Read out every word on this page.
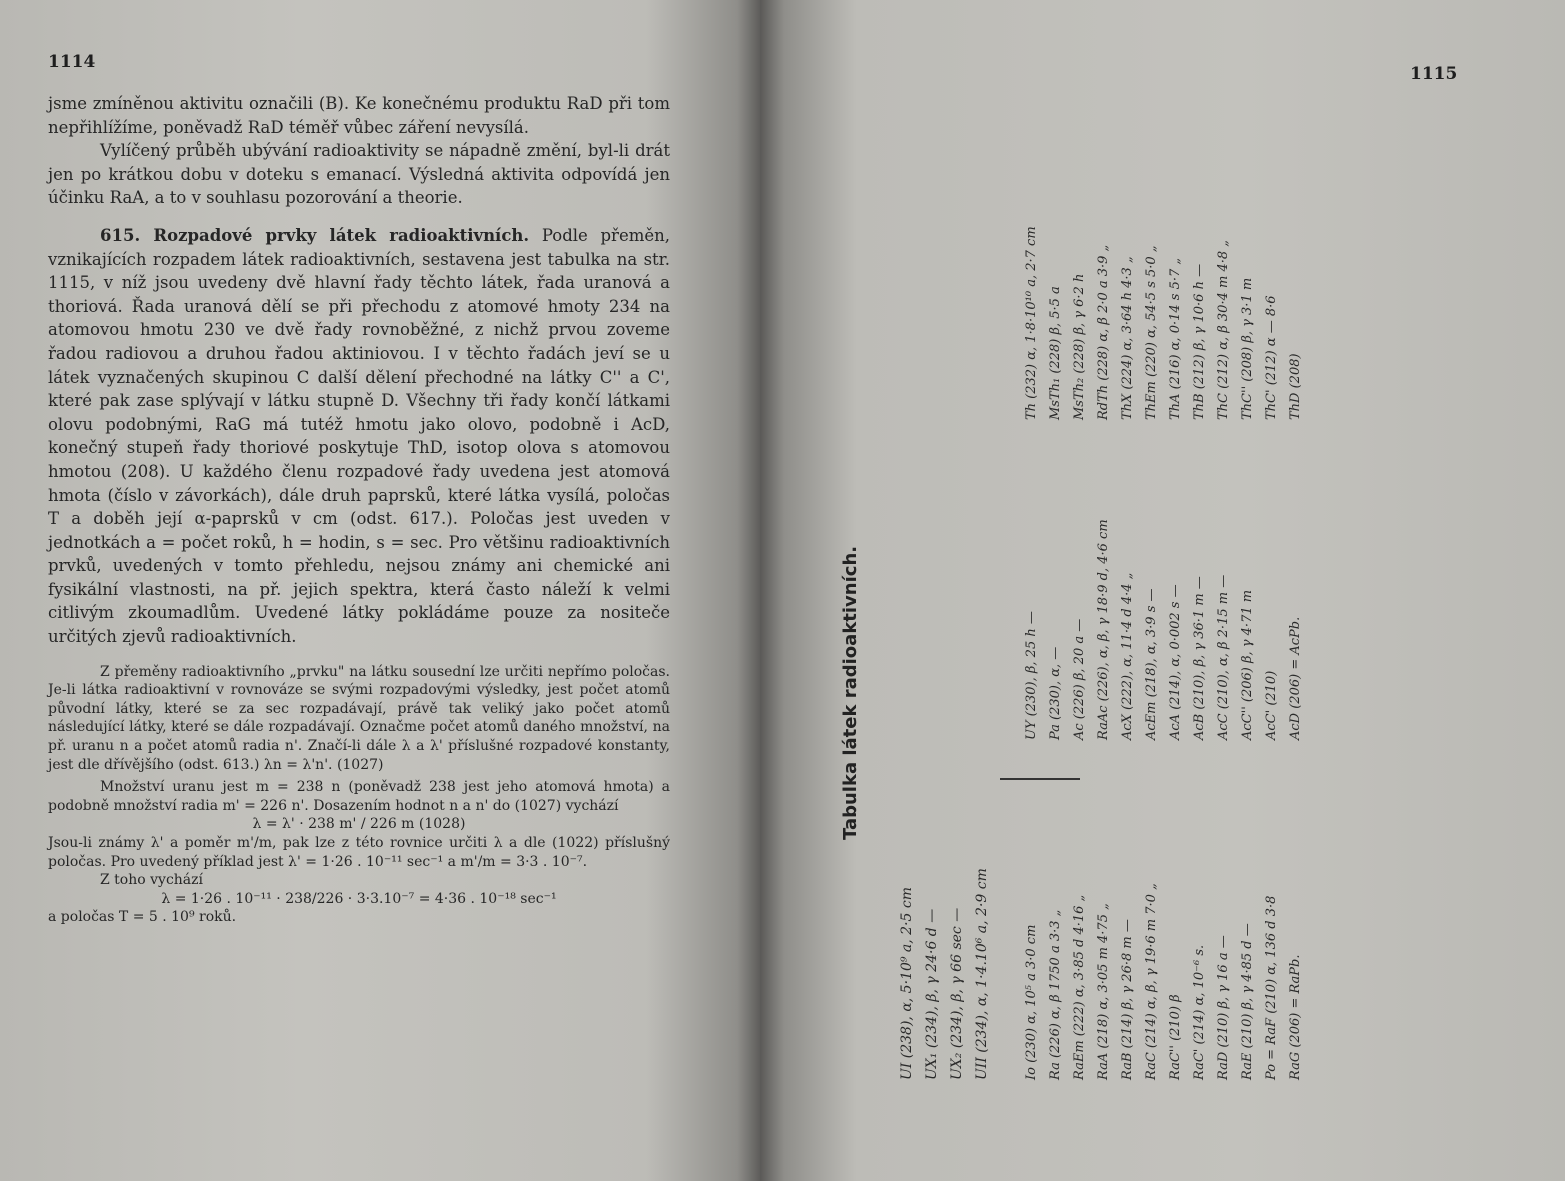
1114

jsme zmíněnou aktivitu označili (B). Ke konečnému produktu RaD při tom nepřihlížíme, poněvadž RaD téměř vůbec záření nevysílá.

Vylíčený průběh ubývání radioaktivity se nápadně změní, byl-li drát jen po krátkou dobu v doteku s emanací. Výsledná aktivita odpovídá jen účinku RaA, a to v souhlasu pozorování a theorie.

615. Rozpadové prvky látek radioaktivních. Podle přeměn, vznikajících rozpadem látek radioaktivních, sestavena jest tabulka na str. 1115, v níž jsou uvedeny dvě hlavní řady těchto látek, řada uranová a thoriová. Řada uranová dělí se při přechodu z atomové hmoty 234 na atomovou hmotu 230 ve dvě řady rovnoběžné, z nichž prvou zoveme řadou radiovou a druhou řadou aktiniovou. I v těchto řadách jeví se u látek vyznačených skupinou C další dělení přechodné na látky C'' a C', které pak zase splývají v látku stupně D. Všechny tři řady končí látkami olovu podobnými, RaG má tutéž hmotu jako olovo, podobně i AcD, konečný stupeň řady thoriové poskytuje ThD, isotop olova s atomovou hmotou (208). U každého členu rozpadové řady uvedena jest atomová hmota (číslo v závorkách), dále druh paprsků, které látka vysílá, poločas T a doběh její α-paprsků v cm (odst. 617.). Poločas jest uveden v jednotkách a = počet roků, h = hodin, s = sec. Pro většinu radioaktivních prvků, uvedených v tomto přehledu, nejsou známy ani chemické ani fysikální vlastnosti, na př. jejich spektra, která často náleží k velmi citlivým zkoumadlům. Uvedené látky pokládáme pouze za nositeče určitých zjevů radioaktivních.

Z přeměny radioaktivního „prvku" na látku sousední lze určiti nepřímo poločas. Je-li látka radioaktivní v rovnováze se svými rozpadovými výsledky, jest počet atomů původní látky, které se za sec rozpadávají, právě tak veliký jako počet atomů následující látky, které se dále rozpadávají. Označme počet atomů daného množství, na př. uranu n a počet atomů radia n'. Značí-li dále λ a λ' příslušné rozpadové konstanty, jest dle dřívějšího (odst. 613.) λn = λ'n'. (1027)

Množství uranu jest m = 238 n (poněvadž 238 jest jeho atomová hmota) a podobně množství radia m' = 226 n'. Dosazením hodnot n a n' do (1027) vychází

λ = λ' · 238 m' / 226 m (1028)

Jsou-li známy λ' a poměr m'/m, pak lze z této rovnice určiti λ a dle (1022) příslušný poločas. Pro uvedený příklad jest λ' = 1·26 . 10⁻¹¹ sec⁻¹ a m'/m = 3·3 . 10⁻⁷.

Z toho vychází

λ = 1·26 . 10⁻¹¹ · 238/226 · 3·3.10⁻⁷ = 4·36 . 10⁻¹⁸ sec⁻¹

a poločas T = 5 . 10⁹ roků.

1115
Tabulka látek radioaktivních.
UI (238), α, 5·10⁹ a, 2·5 cm UX₁ (234), β, γ 24·6 d — UX₂ (234), β, γ 66 sec — UII (234), α, 1·4.10⁶ a, 2·9 cm	Io (230) α, 10⁵ a 3·0 cm Ra (226) α, β 1750 a 3·3 „ RaEm (222) α, 3·85 d 4·16 „ RaA (218) α, 3·05 m 4·75 „ RaB (214) β, γ 26·8 m — RaC (214) α, β, γ 19·6 m 7·0 „ RaC'' (210) β RaC' (214) α, 10⁻⁶ s. RaD (210) β, γ 16 a — RaE (210) β, γ 4·85 d — Po = RaF (210) α, 136 d 3·8 RaG (206) = RaPb.
UY (230), β, 25 h — Pa (230), α, — Ac (226) β, 20 a — RaAc (226), α, β, γ 18·9 d, 4·6 cm AcX (222), α, 11·4 d 4·4 „ AcEm (218), α, 3·9 s — AcA (214), α, 0·002 s — AcB (210), β, γ 36·1 m — AcC (210), α, β 2·15 m — AcC'' (206) β, γ 4·71 m AcC' (210) AcD (206) = AcPb.
Th (232) α, 1·8·10¹⁰ a, 2·7 cm MsTh₁ (228) β, 5·5 a MsTh₂ (228) β, γ 6·2 h RdTh (228) α, β 2·0 a 3·9 „ ThX (224) α, 3·64 h 4·3 „ ThEm (220) α, 54·5 s 5·0 „ ThA (216) α, 0·14 s 5·7 „ ThB (212) β, γ 10·6 h — ThC (212) α, β 30·4 m 4·8 „ ThC'' (208) β, γ 3·1 m ThC' (212) α — 8·6 ThD (208)
